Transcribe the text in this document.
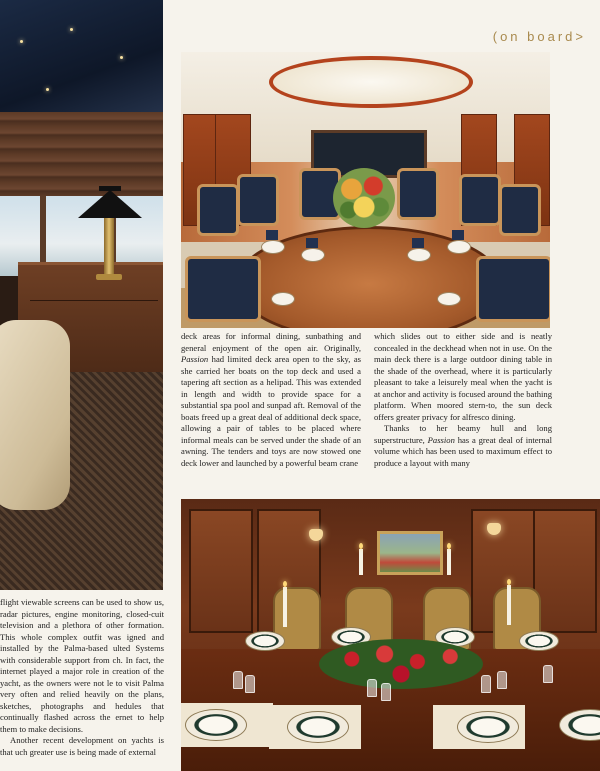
(on board>

deck areas for informal dining, sunbathing and general enjoyment of the open air. Originally, Passion had limited deck area open to the sky, as she carried her boats on the top deck and used a tapering aft section as a helipad. This was extended in length and width to provide space for a substantial spa pool and sunpad aft. Removal of the boats freed up a great deal of additional deck space, allowing a pair of tables to be placed where informal meals can be served under the shade of an awning. The tenders and toys are now stowed one deck lower and launched by a powerful beam crane

which slides out to either side and is neatly concealed in the deckhead when not in use. On the main deck there is a large outdoor dining table in the shade of the overhead, where it is particularly pleasant to take a leisurely meal when the yacht is at anchor and activity is focused around the bathing platform. When moored stern-to, the sun deck offers greater privacy for alfresco dining.

Thanks to her beamy hull and long superstructure, Passion has a great deal of internal volume which has been used to maximum effect to produce a layout with many

flight viewable screens can be used to show us, radar pictures, engine monitoring, closed-cuit television and a plethora of other formation. This whole complex outfit was igned and installed by the Palma-based ulted Systems with considerable support from ch. In fact, the internet played a major role in creation of the yacht, as the owners were not le to visit Palma very often and relied heavily on the plans, sketches, photographs and hedules that continually flashed across the ernet to help them to make decisions.

Another recent development on yachts is that uch greater use is being made of external
